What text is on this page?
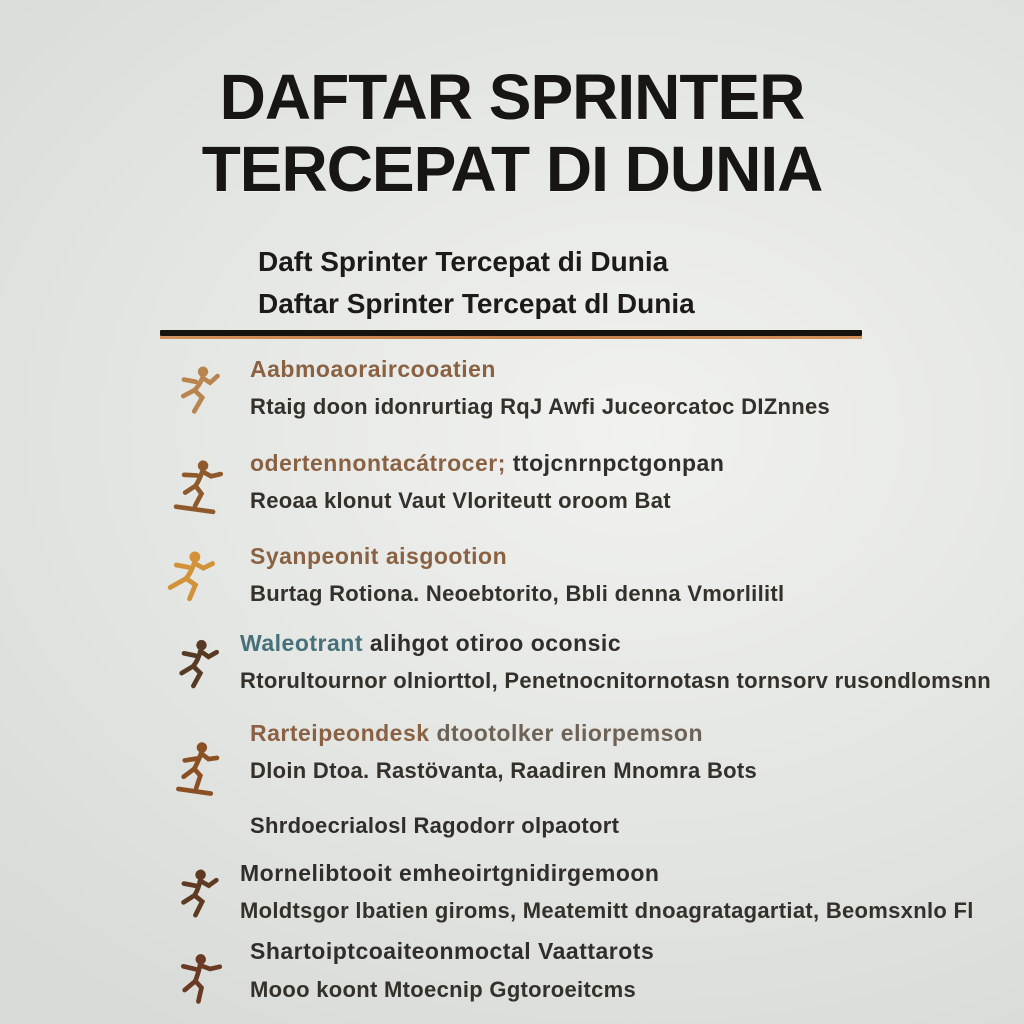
DAFTAR SPRINTER
TERCEPAT DI DUNIA
Daft Sprinter Tercepat di Dunia
Daftar Sprinter Tercepat dl Dunia
Aabmoaoraircooatien
Rtaig doon idonrurtiag RqJ Awfi Juceorcatoc DIZnnes
odertennontacátrocer; ttojcnrnpctgonpan
Reoaa klonut Vaut Vloriteutt oroom Bat
Syanpeonit aisgootion
Burtag Rotiona. Neoebtorito, Bbli denna Vmorlilitl
Waleotrant alihgot otiroo oconsic
Rtorultournor olniorttol, Penetnocnitornotasn tornsorv rusondlomsnn
Rarteipeondesk dtootolker eliorpemson
Dloin Dtoa. Rastövanta, Raadiren Mnomra Bots
Shrdoecrialosl Ragodorr olpaotort
Mornelibtooit emheoirtgnidirgemoon
Moldtsgor lbatien giroms, Meatemitt dnoagratagartiat, Beomsxnlo Fl
Shartoiptcoaiteonmoctal Vaattarots
Mooo koont Mtoecnip Ggtoroeitcms
